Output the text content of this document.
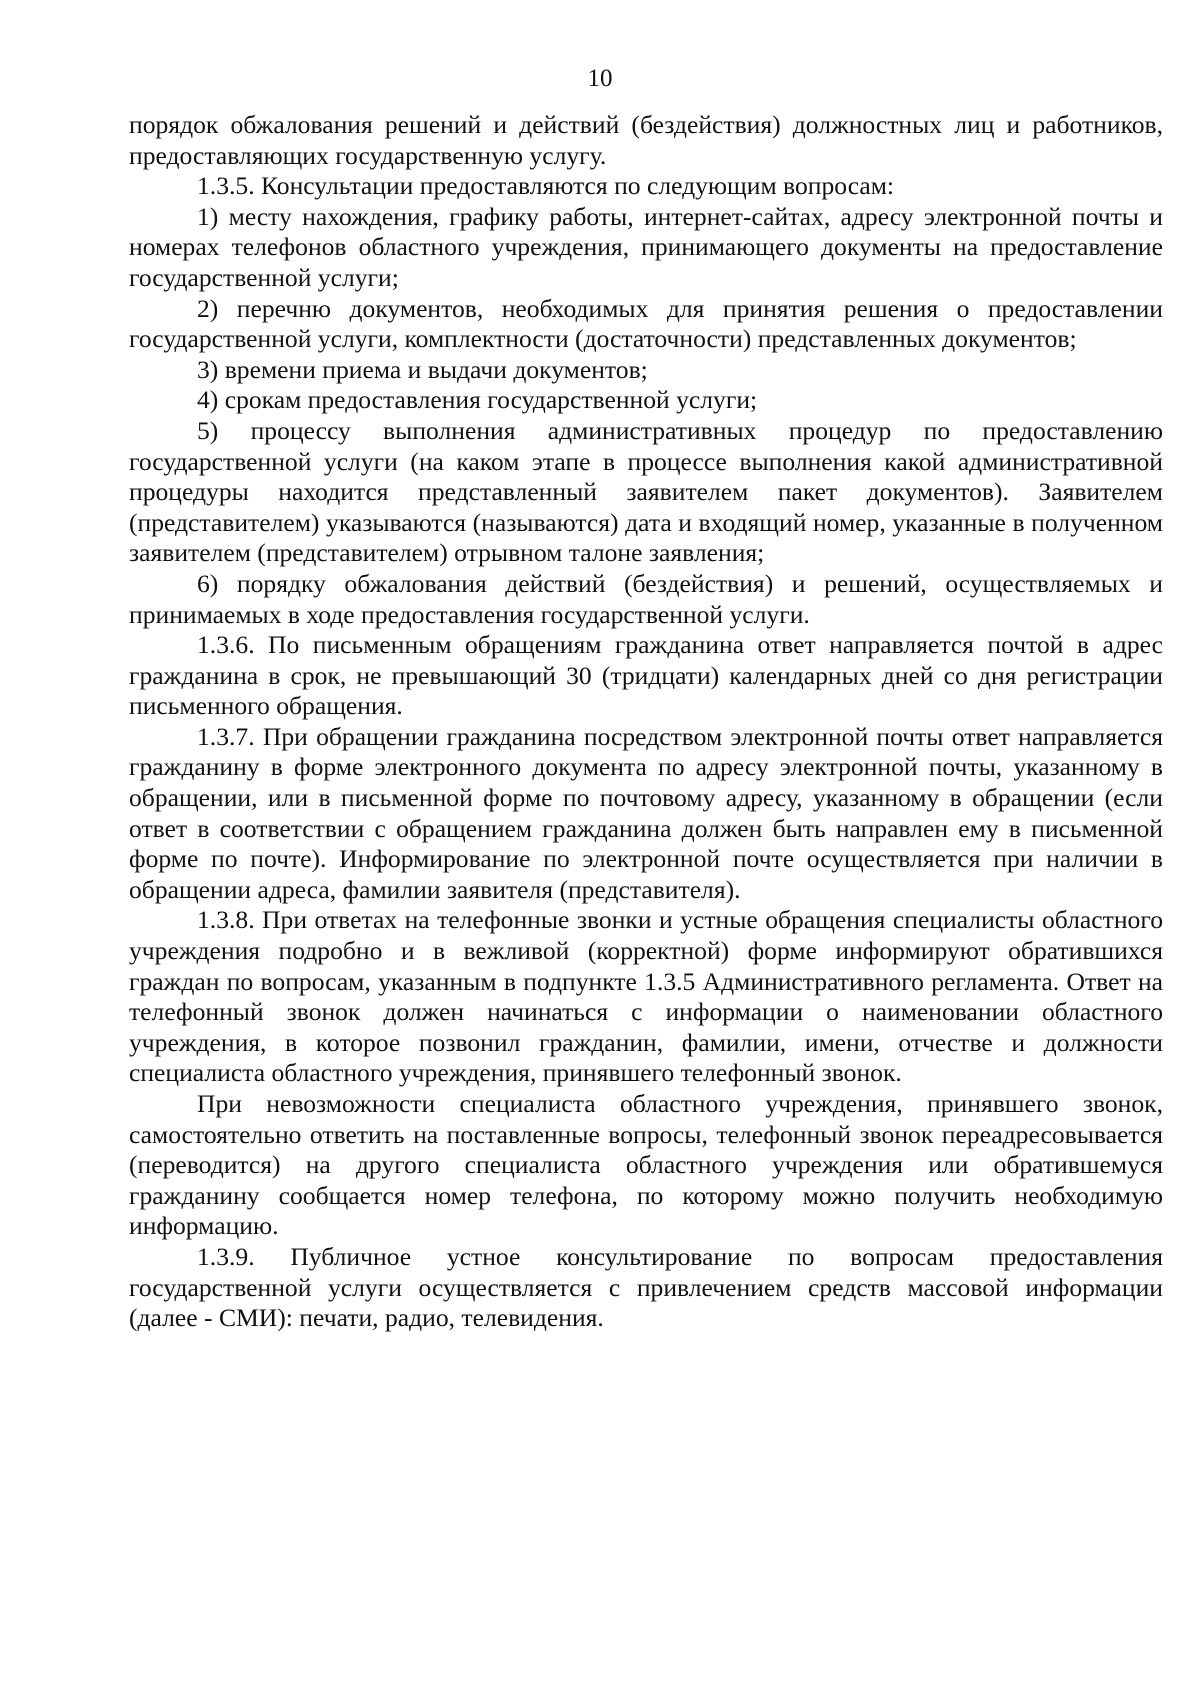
10

порядок обжалования решений и действий (бездействия) должностных лиц и работников, предоставляющих государственную услугу.

1.3.5. Консультации предоставляются по следующим вопросам:

1) месту нахождения, графику работы, интернет-сайтах, адресу электронной почты и номерах телефонов областного учреждения, принимающего документы на предоставление государственной услуги;

2) перечню документов, необходимых для принятия решения о предоставлении государственной услуги, комплектности (достаточности) представленных документов;

3) времени приема и выдачи документов;

4) срокам предоставления государственной услуги;

5) процессу выполнения административных процедур по предоставлению государственной услуги (на каком этапе в процессе выполнения какой административной процедуры находится представленный заявителем пакет документов). Заявителем (представителем) указываются (называются) дата и входящий номер, указанные в полученном заявителем (представителем) отрывном талоне заявления;

6) порядку обжалования действий (бездействия) и решений, осуществляемых и принимаемых в ходе предоставления государственной услуги.

1.3.6. По письменным обращениям гражданина ответ направляется почтой в адрес гражданина в срок, не превышающий 30 (тридцати) календарных дней со дня регистрации письменного обращения.

1.3.7. При обращении гражданина посредством электронной почты ответ направляется гражданину в форме электронного документа по адресу электронной почты, указанному в обращении, или в письменной форме по почтовому адресу, указанному в обращении (если ответ в соответствии с обращением гражданина должен быть направлен ему в письменной форме по почте). Информирование по электронной почте осуществляется при наличии в обращении адреса, фамилии заявителя (представителя).

1.3.8. При ответах на телефонные звонки и устные обращения специалисты областного учреждения подробно и в вежливой (корректной) форме информируют обратившихся граждан по вопросам, указанным в подпункте 1.3.5 Административного регламента. Ответ на телефонный звонок должен начинаться с информации о наименовании областного учреждения, в которое позвонил гражданин, фамилии, имени, отчестве и должности специалиста областного учреждения, принявшего телефонный звонок.

При невозможности специалиста областного учреждения, принявшего звонок, самостоятельно ответить на поставленные вопросы, телефонный звонок переадресовывается (переводится) на другого специалиста областного учреждения или обратившемуся гражданину сообщается номер телефона, по которому можно получить необходимую информацию.

1.3.9. Публичное устное консультирование по вопросам предоставления государственной услуги осуществляется с привлечением средств массовой информации (далее - СМИ): печати, радио, телевидения.
